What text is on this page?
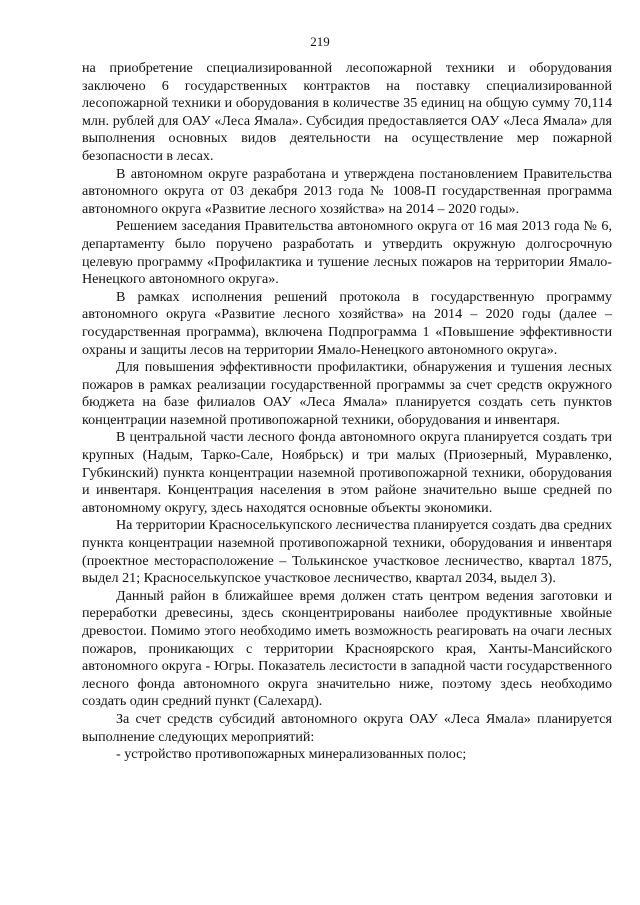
219

на приобретение специализированной лесопожарной техники и оборудования заключено 6 государственных контрактов на поставку специализированной лесопожарной техники и оборудования в количестве 35 единиц на общую сумму 70,114 млн. рублей для ОАУ «Леса Ямала». Субсидия предоставляется ОАУ «Леса Ямала» для выполнения основных видов деятельности на осуществление мер пожарной безопасности в лесах.

В автономном округе разработана и утверждена постановлением Правительства автономного округа от 03 декабря 2013 года № 1008-П государственная программа автономного округа «Развитие лесного хозяйства» на 2014 – 2020 годы».

Решением заседания Правительства автономного округа от 16 мая 2013 года № 6, департаменту было поручено разработать и утвердить окружную долгосрочную целевую программу «Профилактика и тушение лесных пожаров на территории Ямало-Ненецкого автономного округа».

В рамках исполнения решений протокола в государственную программу автономного округа «Развитие лесного хозяйства» на 2014 – 2020 годы (далее – государственная программа), включена Подпрограмма 1 «Повышение эффективности охраны и защиты лесов на территории Ямало-Ненецкого автономного округа».

Для повышения эффективности профилактики, обнаружения и тушения лесных пожаров в рамках реализации государственной программы за счет средств окружного бюджета на базе филиалов ОАУ «Леса Ямала» планируется создать сеть пунктов концентрации наземной противопожарной техники, оборудования и инвентаря.

В центральной части лесного фонда автономного округа планируется создать три крупных (Надым, Тарко-Сале, Ноябрьск) и три малых (Приозерный, Муравленко, Губкинский) пункта концентрации наземной противопожарной техники, оборудования и инвентаря. Концентрация населения в этом районе значительно выше средней по автономному округу, здесь находятся основные объекты экономики.

На территории Красноселькупского лесничества планируется создать два средних пункта концентрации наземной противопожарной техники, оборудования и инвентаря (проектное месторасположение – Толькинское участковое лесничество, квартал 1875, выдел 21; Красноселькупское участковое лесничество, квартал 2034, выдел 3).

Данный район в ближайшее время должен стать центром ведения заготовки и переработки древесины, здесь сконцентрированы наиболее продуктивные хвойные древостои. Помимо этого необходимо иметь возможность реагировать на очаги лесных пожаров, проникающих с территории Красноярского края, Ханты-Мансийского автономного округа - Югры. Показатель лесистости в западной части государственного лесного фонда автономного округа значительно ниже, поэтому здесь необходимо создать один средний пункт (Салехард).

За счет средств субсидий автономного округа ОАУ «Леса Ямала» планируется выполнение следующих мероприятий:

- устройство противопожарных минерализованных полос;
